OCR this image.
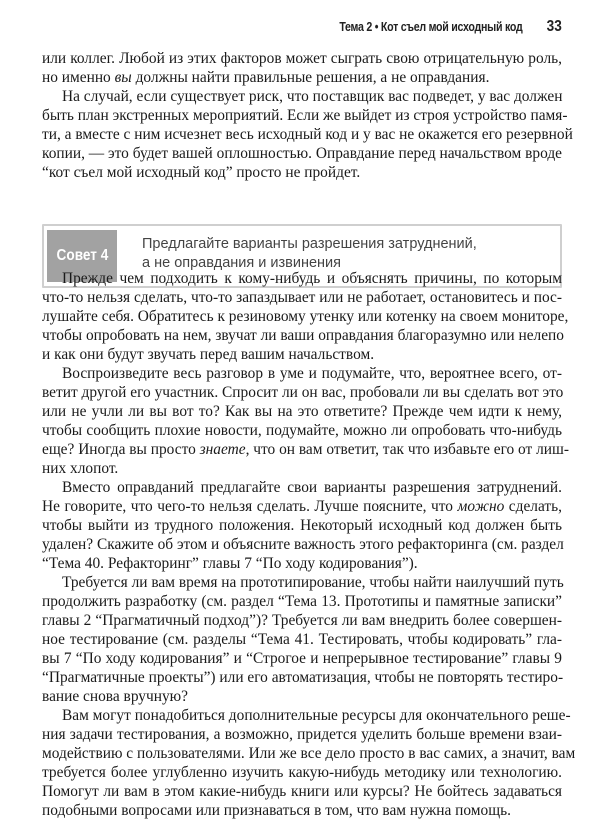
Тема 2 • Кот съел мой исходный код 33
или коллег. Любой из этих факторов может сыграть свою отрицательную роль,
но именно вы должны найти правильные решения, а не оправдания.
На случай, если существует риск, что поставщик вас подведет, у вас должен
быть план экстренных мероприятий. Если же выйдет из строя устройство памя-
ти, а вместе с ним исчезнет весь исходный код и у вас не окажется его резервной
копии, — это будет вашей оплошностью. Оправдание перед начальством вроде
“кот съел мой исходный код” просто не пройдет.
Совет 4
Предлагайте варианты разрешения затруднений,
а не оправдания и извинения
Прежде чем подходить к кому-нибудь и объяснять причины, по которым
что-то нельзя сделать, что-то запаздывает или не работает, остановитесь и пос-
лушайте себя. Обратитесь к резиновому утенку или котенку на своем мониторе,
чтобы опробовать на нем, звучат ли ваши оправдания благоразумно или нелепо
и как они будут звучать перед вашим начальством.
Воспроизведите весь разговор в уме и подумайте, что, вероятнее всего, от-
ветит другой его участник. Спросит ли он вас, пробовали ли вы сделать вот это
или не учли ли вы вот то? Как вы на это ответите? Прежде чем идти к нему,
чтобы сообщить плохие новости, подумайте, можно ли опробовать что-нибудь
еще? Иногда вы просто знаете, что он вам ответит, так что избавьте его от лиш-
них хлопот.
Вместо оправданий предлагайте свои варианты разрешения затруднений.
Не говорите, что чего-то нельзя сделать. Лучше поясните, что можно сделать,
чтобы выйти из трудного положения. Некоторый исходный код должен быть
удален? Скажите об этом и объясните важность этого рефакторинга (см. раздел
“Тема 40. Рефакторинг” главы 7 “По ходу кодирования”).
Требуется ли вам время на прототипирование, чтобы найти наилучший путь
продолжить разработку (см. раздел “Тема 13. Прототипы и памятные записки”
главы 2 “Прагматичный подход”)? Требуется ли вам внедрить более совершен-
ное тестирование (см. разделы “Тема 41. Тестировать, чтобы кодировать” гла-
вы 7 “По ходу кодирования” и “Строгое и непрерывное тестирование” главы 9
“Прагматичные проекты”) или его автоматизация, чтобы не повторять тестиро-
вание снова вручную?
Вам могут понадобиться дополнительные ресурсы для окончательного реше-
ния задачи тестирования, а возможно, придется уделить больше времени взаи-
модействию с пользователями. Или же все дело просто в вас самих, а значит, вам
требуется более углубленно изучить какую-нибудь методику или технологию.
Помогут ли вам в этом какие-нибудь книги или курсы? Не бойтесь задаваться
подобными вопросами или признаваться в том, что вам нужна помощь.
